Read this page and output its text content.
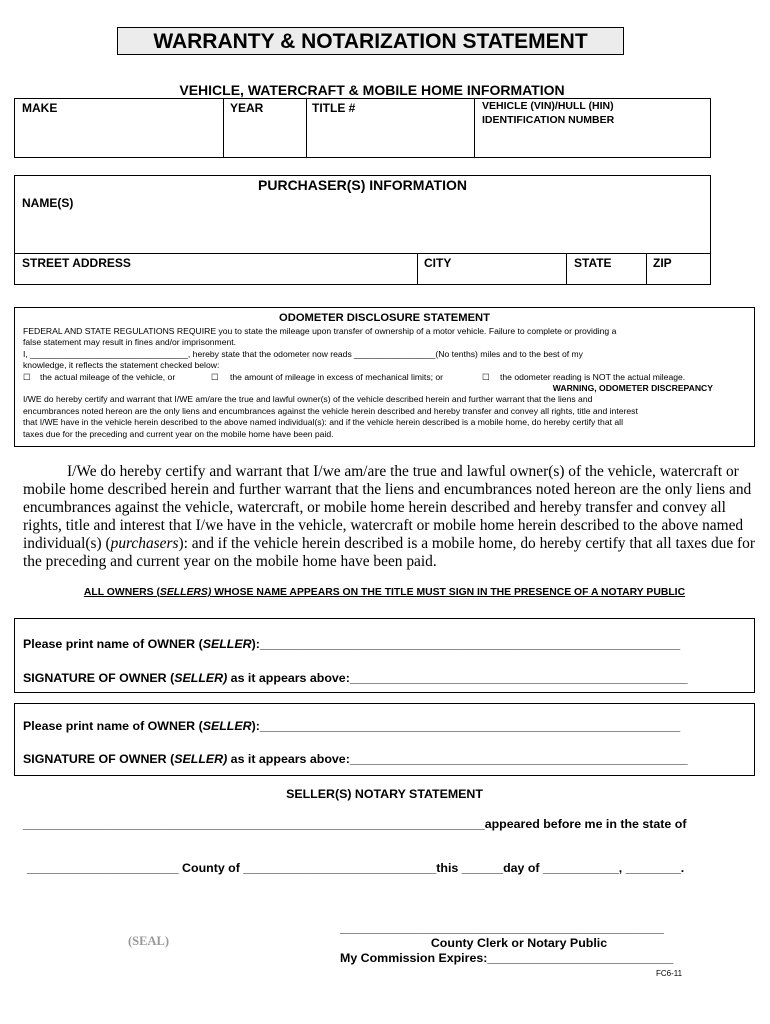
WARRANTY & NOTARIZATION STATEMENT
VEHICLE, WATERCRAFT & MOBILE HOME INFORMATION
MAKE	YEAR	TITLE #	VEHICLE (VIN)/HULL (HIN)
IDENTIFICATION NUMBER
PURCHASER(S) INFORMATION
NAME(S)
STREET ADDRESS	CITY	STATE	ZIP
ODOMETER DISCLOSURE STATEMENT
FEDERAL AND STATE REGULATIONS REQUIRE you to state the mileage upon transfer of ownership of a motor vehicle. Failure to complete or providing a
false statement may result in fines and/or imprisonment.
I, _________________________________, hereby state that the odometer now reads _________________(No tenths) miles and to the best of my
knowledge, it reflects the statement checked below:
☐ the actual mileage of the vehicle, or	☐ the amount of mileage in excess of mechanical limits; or	☐ the odometer reading is NOT the actual mileage.
WARNING, ODOMETER DISCREPANCY
I/WE do hereby certify and warrant that I/WE am/are the true and lawful owner(s) of the vehicle described herein and further warrant that the liens and
encumbrances noted hereon are the only liens and encumbrances against the vehicle herein described and hereby transfer and convey all rights, title and interest
that I/WE have in the vehicle herein described to the above named individual(s): and if the vehicle herein described is a mobile home, do hereby certify that all
taxes due for the preceding and current year on the mobile home have been paid.
I/We do hereby certify and warrant that I/we am/are the true and lawful owner(s) of the vehicle, watercraft or
mobile home described herein and further warrant that the liens and encumbrances noted hereon are the only liens and
encumbrances against the vehicle, watercraft, or mobile home herein described and hereby transfer and convey all
rights, title and interest that I/we have in the vehicle, watercraft or mobile home herein described to the above named
individual(s) (purchasers): and if the vehicle herein described is a mobile home, do hereby certify that all taxes due for
the preceding and current year on the mobile home have been paid.
ALL OWNERS (SELLERS) WHOSE NAME APPEARS ON THE TITLE MUST SIGN IN THE PRESENCE OF A NOTARY PUBLIC
Please print name of OWNER (SELLER):_____________________________________________________________
SIGNATURE OF OWNER (SELLER) as it appears above:_________________________________________________
Please print name of OWNER (SELLER):_____________________________________________________________
SIGNATURE OF OWNER (SELLER) as it appears above:_________________________________________________
SELLER(S) NOTARY STATEMENT
___________________________________________________________________appeared before me in the state of
______________________ County of ____________________________this ______day of ___________, ________.
(SEAL)
_______________________________________________
County Clerk or Notary Public
My Commission Expires:___________________________
FC6-11
